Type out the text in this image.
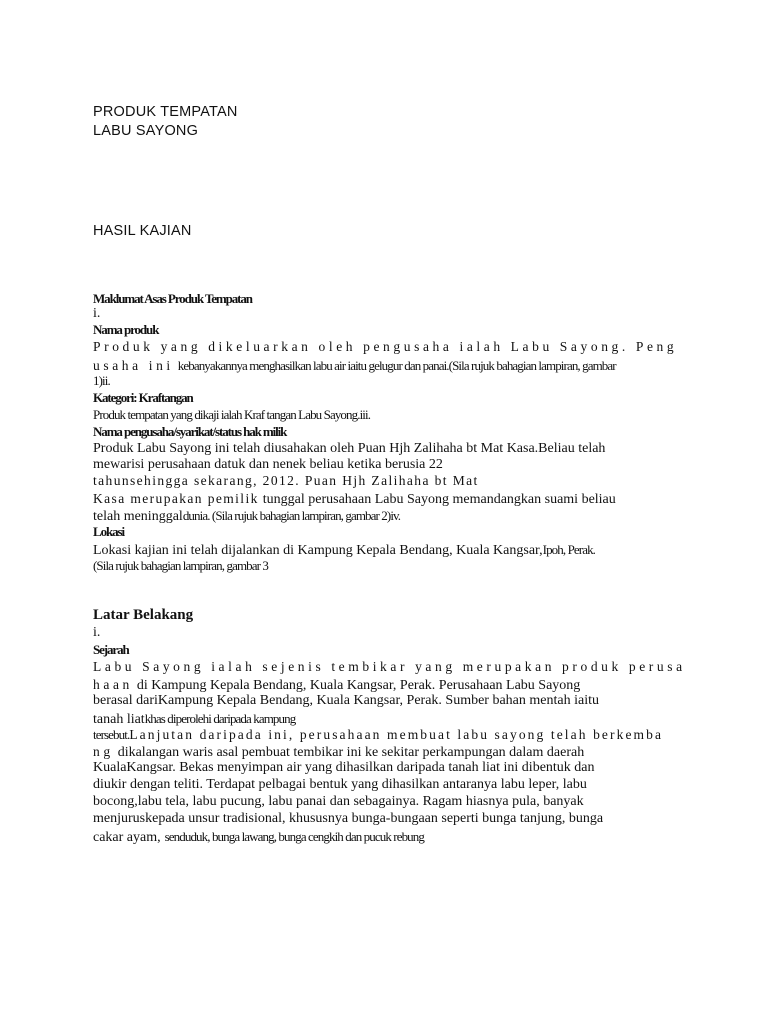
PRODUK TEMPATAN
LABU SAYONG
HASIL KAJIAN
Maklumat Asas Produk Tempatan
i.
Nama produk
Produk yang dikeluarkan oleh pengusaha ialah Labu Sayong. Peng
usaha ini kebanyakannya menghasilkan labu air iaitu gelugur dan panai.(Sila rujuk bahagian lampiran, gambar
1)ii.
Kategori: Kraftangan
Produk tempatan yang dikaji ialah Kraf tangan Labu Sayong.iii.
Nama pengusaha/syarikat/status hak milik
Produk Labu Sayong ini telah diusahakan oleh Puan Hjh Zalihaha bt Mat Kasa.Beliau telah
mewarisi perusahaan datuk dan nenek beliau ketika berusia 22
tahunsehingga sekarang, 2012. Puan Hjh Zalihaha bt Mat
Kasa merupakan pemilik tunggal perusahaan Labu Sayong memandangkan suami beliau
telah meninggaldunia. (Sila rujuk bahagian lampiran, gambar 2)iv.
Lokasi
Lokasi kajian ini telah dijalankan di Kampung Kepala Bendang, Kuala Kangsar,Ipoh, Perak.
(Sila rujuk bahagian lampiran, gambar 3
Latar Belakang
i.
Sejarah
Labu Sayong ialah sejenis tembikar yang merupakan produk perusa
haan di Kampung Kepala Bendang, Kuala Kangsar, Perak. Perusahaan Labu Sayong
berasal dariKampung Kepala Bendang, Kuala Kangsar, Perak. Sumber bahan mentah iaitu
tanah liatkhas diperolehi daripada kampung
tersebut.Lanjutan daripada ini, perusahaan membuat labu sayong telah berkemba
ng dikalangan waris asal pembuat tembikar ini ke sekitar perkampungan dalam daerah
KualaKangsar. Bekas menyimpan air yang dihasilkan daripada tanah liat ini dibentuk dan
diukir dengan teliti. Terdapat pelbagai bentuk yang dihasilkan antaranya labu leper, labu
bocong,labu tela, labu pucung, labu panai dan sebagainya. Ragam hiasnya pula, banyak
menjuruskepada unsur tradisional, khususnya bunga-bungaan seperti bunga tanjung, bunga
cakar ayam, senduduk, bunga lawang, bunga cengkih dan pucuk rebung
